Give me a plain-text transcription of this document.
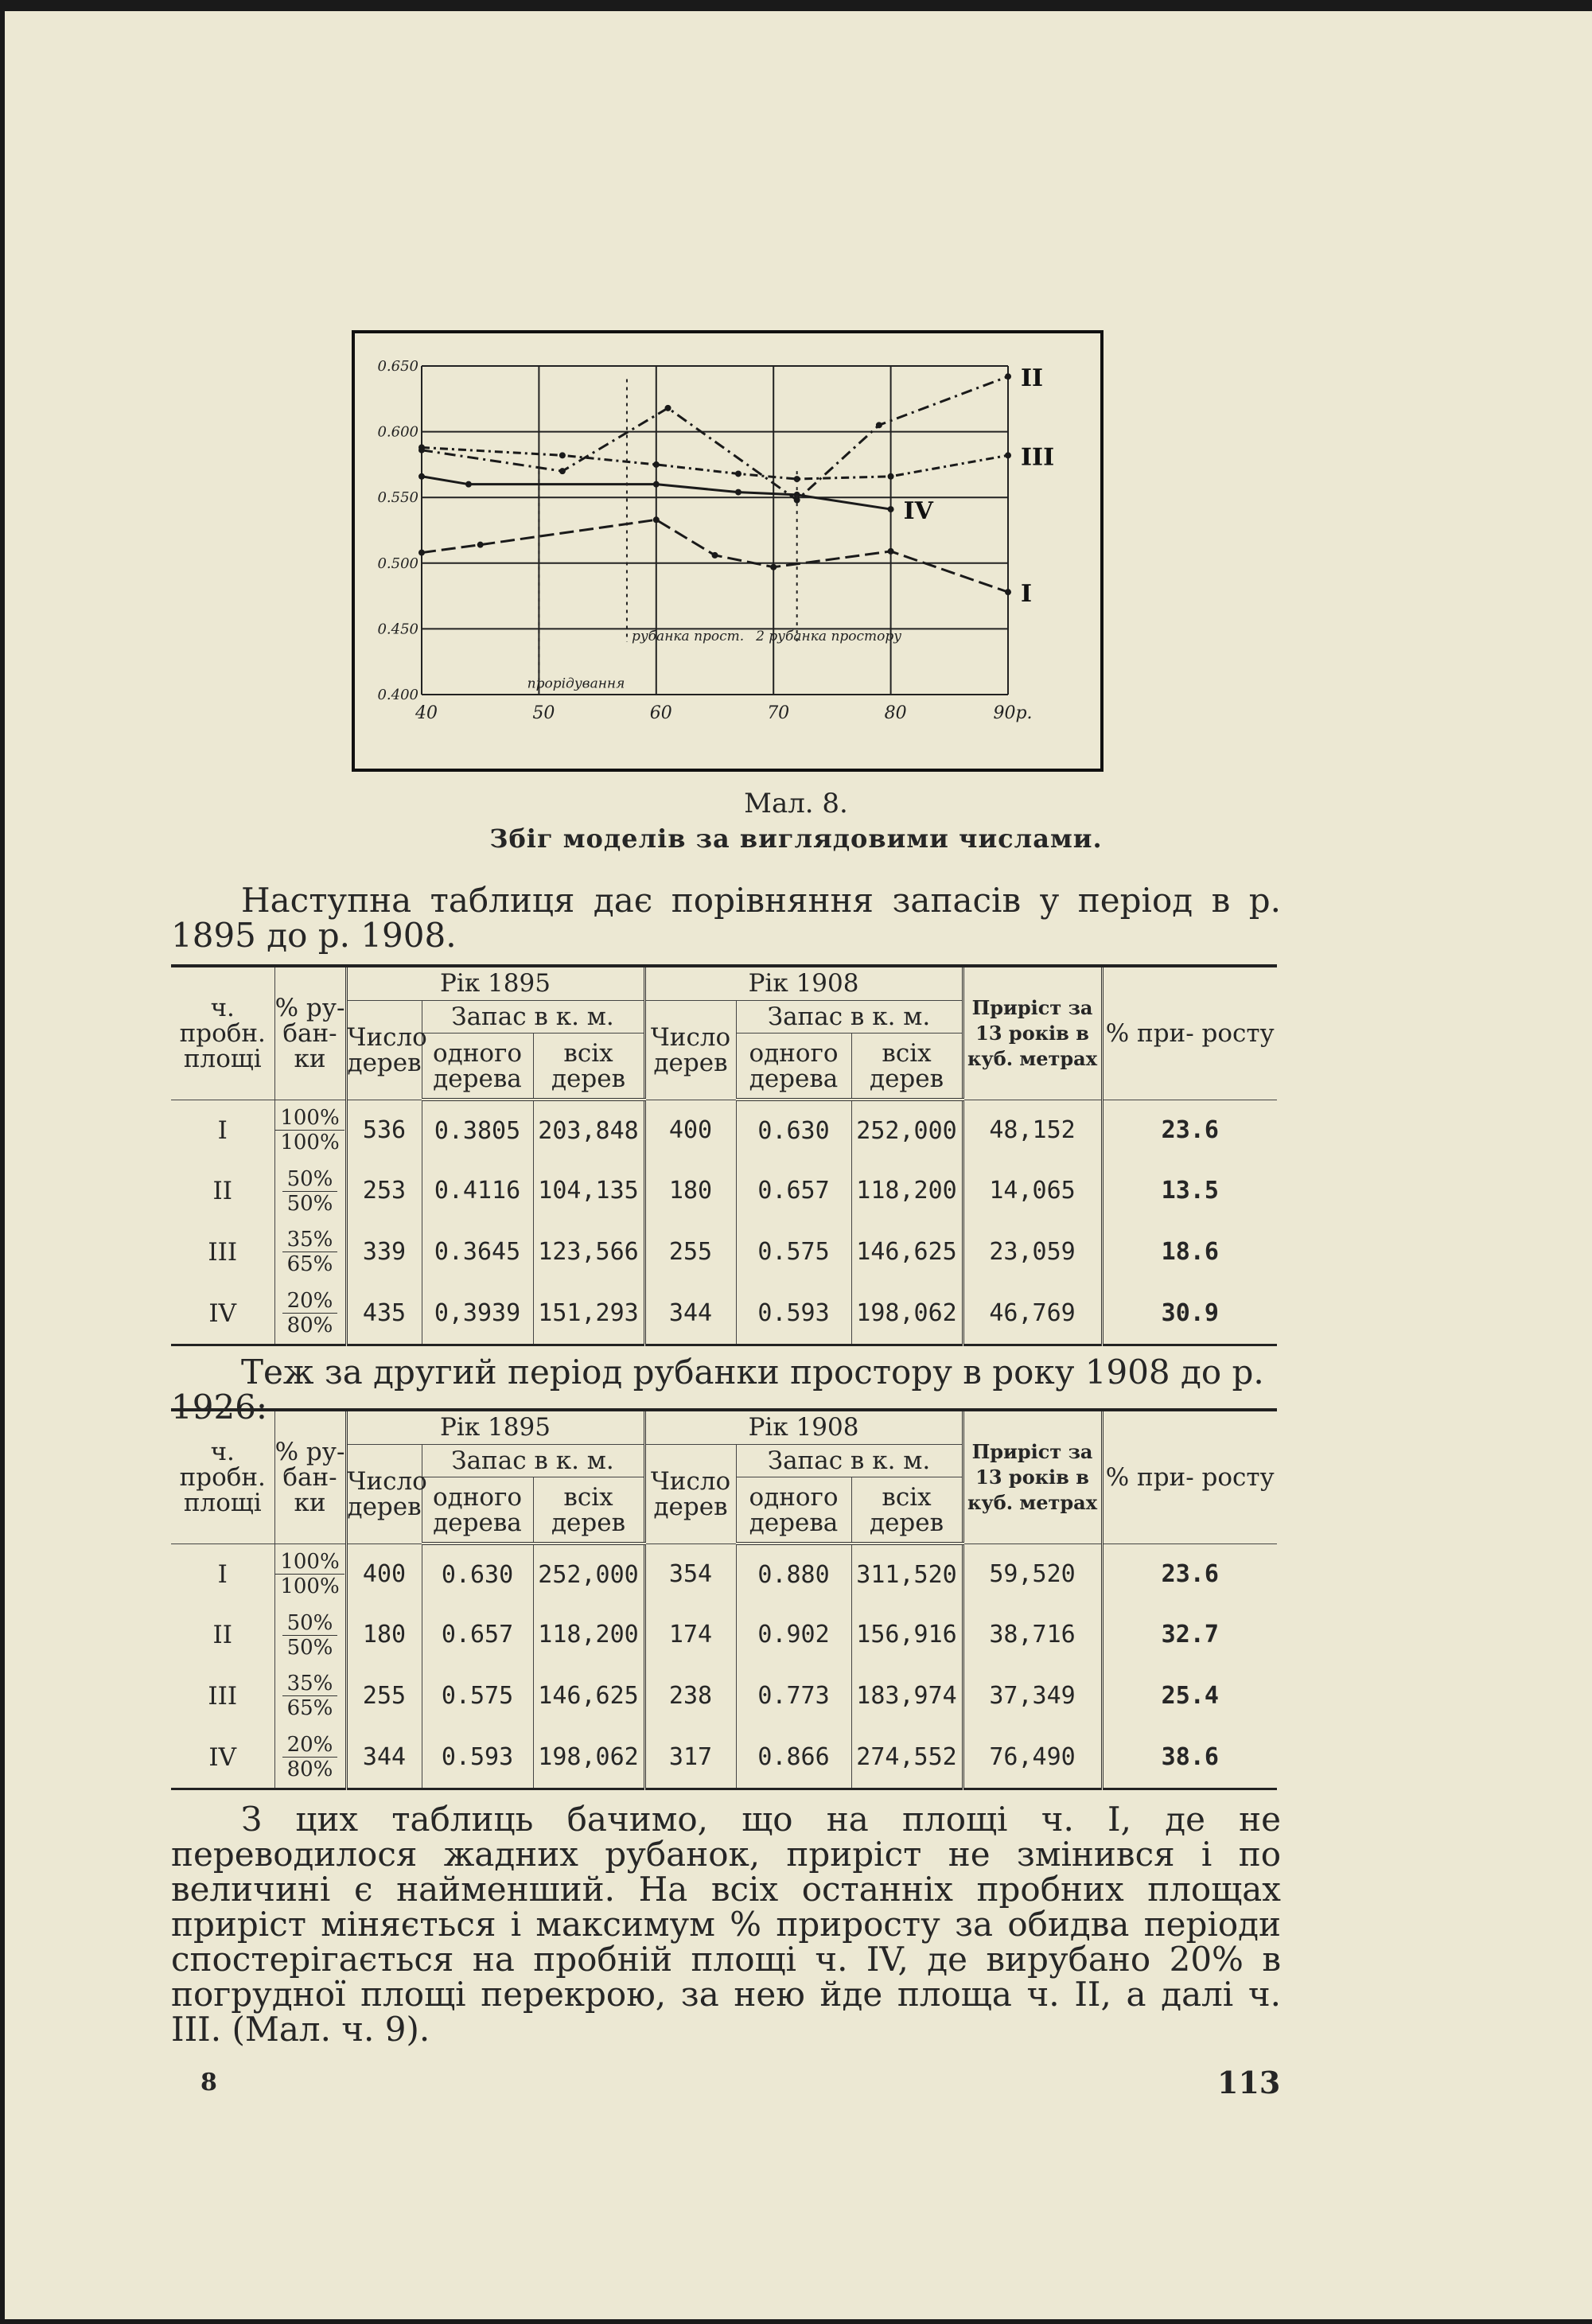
0.650
0.600
0.550
0.500
0.450
0.400
40	50	60	70	80	90р.
II
III
IV
I
прорідування
рубанка прост. 2 рубанка простору
Мал. 8.
Збіг моделів за виглядовими числами.
Наступна таблиця дає порівняння запасів у період в р. 1895 до р. 1908.
ч. пробн. площі	% ру- бан- ки	Рік 1895			Рік 1908			Приріст за 13 років в куб. метрах	% при- росту
		Число дерев	Запас в к. м.		Число дерев	Запас в к. м.			
			одного дерева	всіх дерев		одного дерева	всіх дерев		
I	$\frac{100\%}{100\%}$	536	0.3805	203,848	400	0.630	252,000	48,152	23.6
II	$\frac{50\%}{50\%}$	253	0.4116	104,135	180	0.657	118,200	14,065	13.5
III	$\frac{35\%}{65\%}$	339	0.3645	123,566	255	0.575	146,625	23,059	18.6
IV	$\frac{20\%}{80\%}$	435	0,3939	151,293	344	0.593	198,062	46,769	30.9
Теж за другий період рубанки простору в року 1908 до р. 1926:
ч. пробн. площі	% ру- бан- ки	Рік 1895			Рік 1908			Приріст за 13 років в куб. метрах	% при- росту
		Число дерев	Запас в к. м.		Число дерев	Запас в к. м.			
			одного дерева	всіх дерев		одного дерева	всіх дерев		
I	$\frac{100\%}{100\%}$	400	0.630	252,000	354	0.880	311,520	59,520	23.6
II	$\frac{50\%}{50\%}$	180	0.657	118,200	174	0.902	156,916	38,716	32.7
III	$\frac{35\%}{65\%}$	255	0.575	146,625	238	0.773	183,974	37,349	25.4
IV	$\frac{20\%}{80\%}$	344	0.593	198,062	317	0.866	274,552	76,490	38.6
З цих таблиць бачимо, що на площі ч. I, де не переводилося жадних рубанок, приріст не змінився і по величині є найменший. На всіх останніх пробних площах приріст міняється і максимум % приросту за обидва періоди спостерігається на пробній площі ч. IV, де вирубано 20% в погрудної площі перекрою, за нею йде площа ч. II, а далі ч. III. (Мал. ч. 9).
8	113
